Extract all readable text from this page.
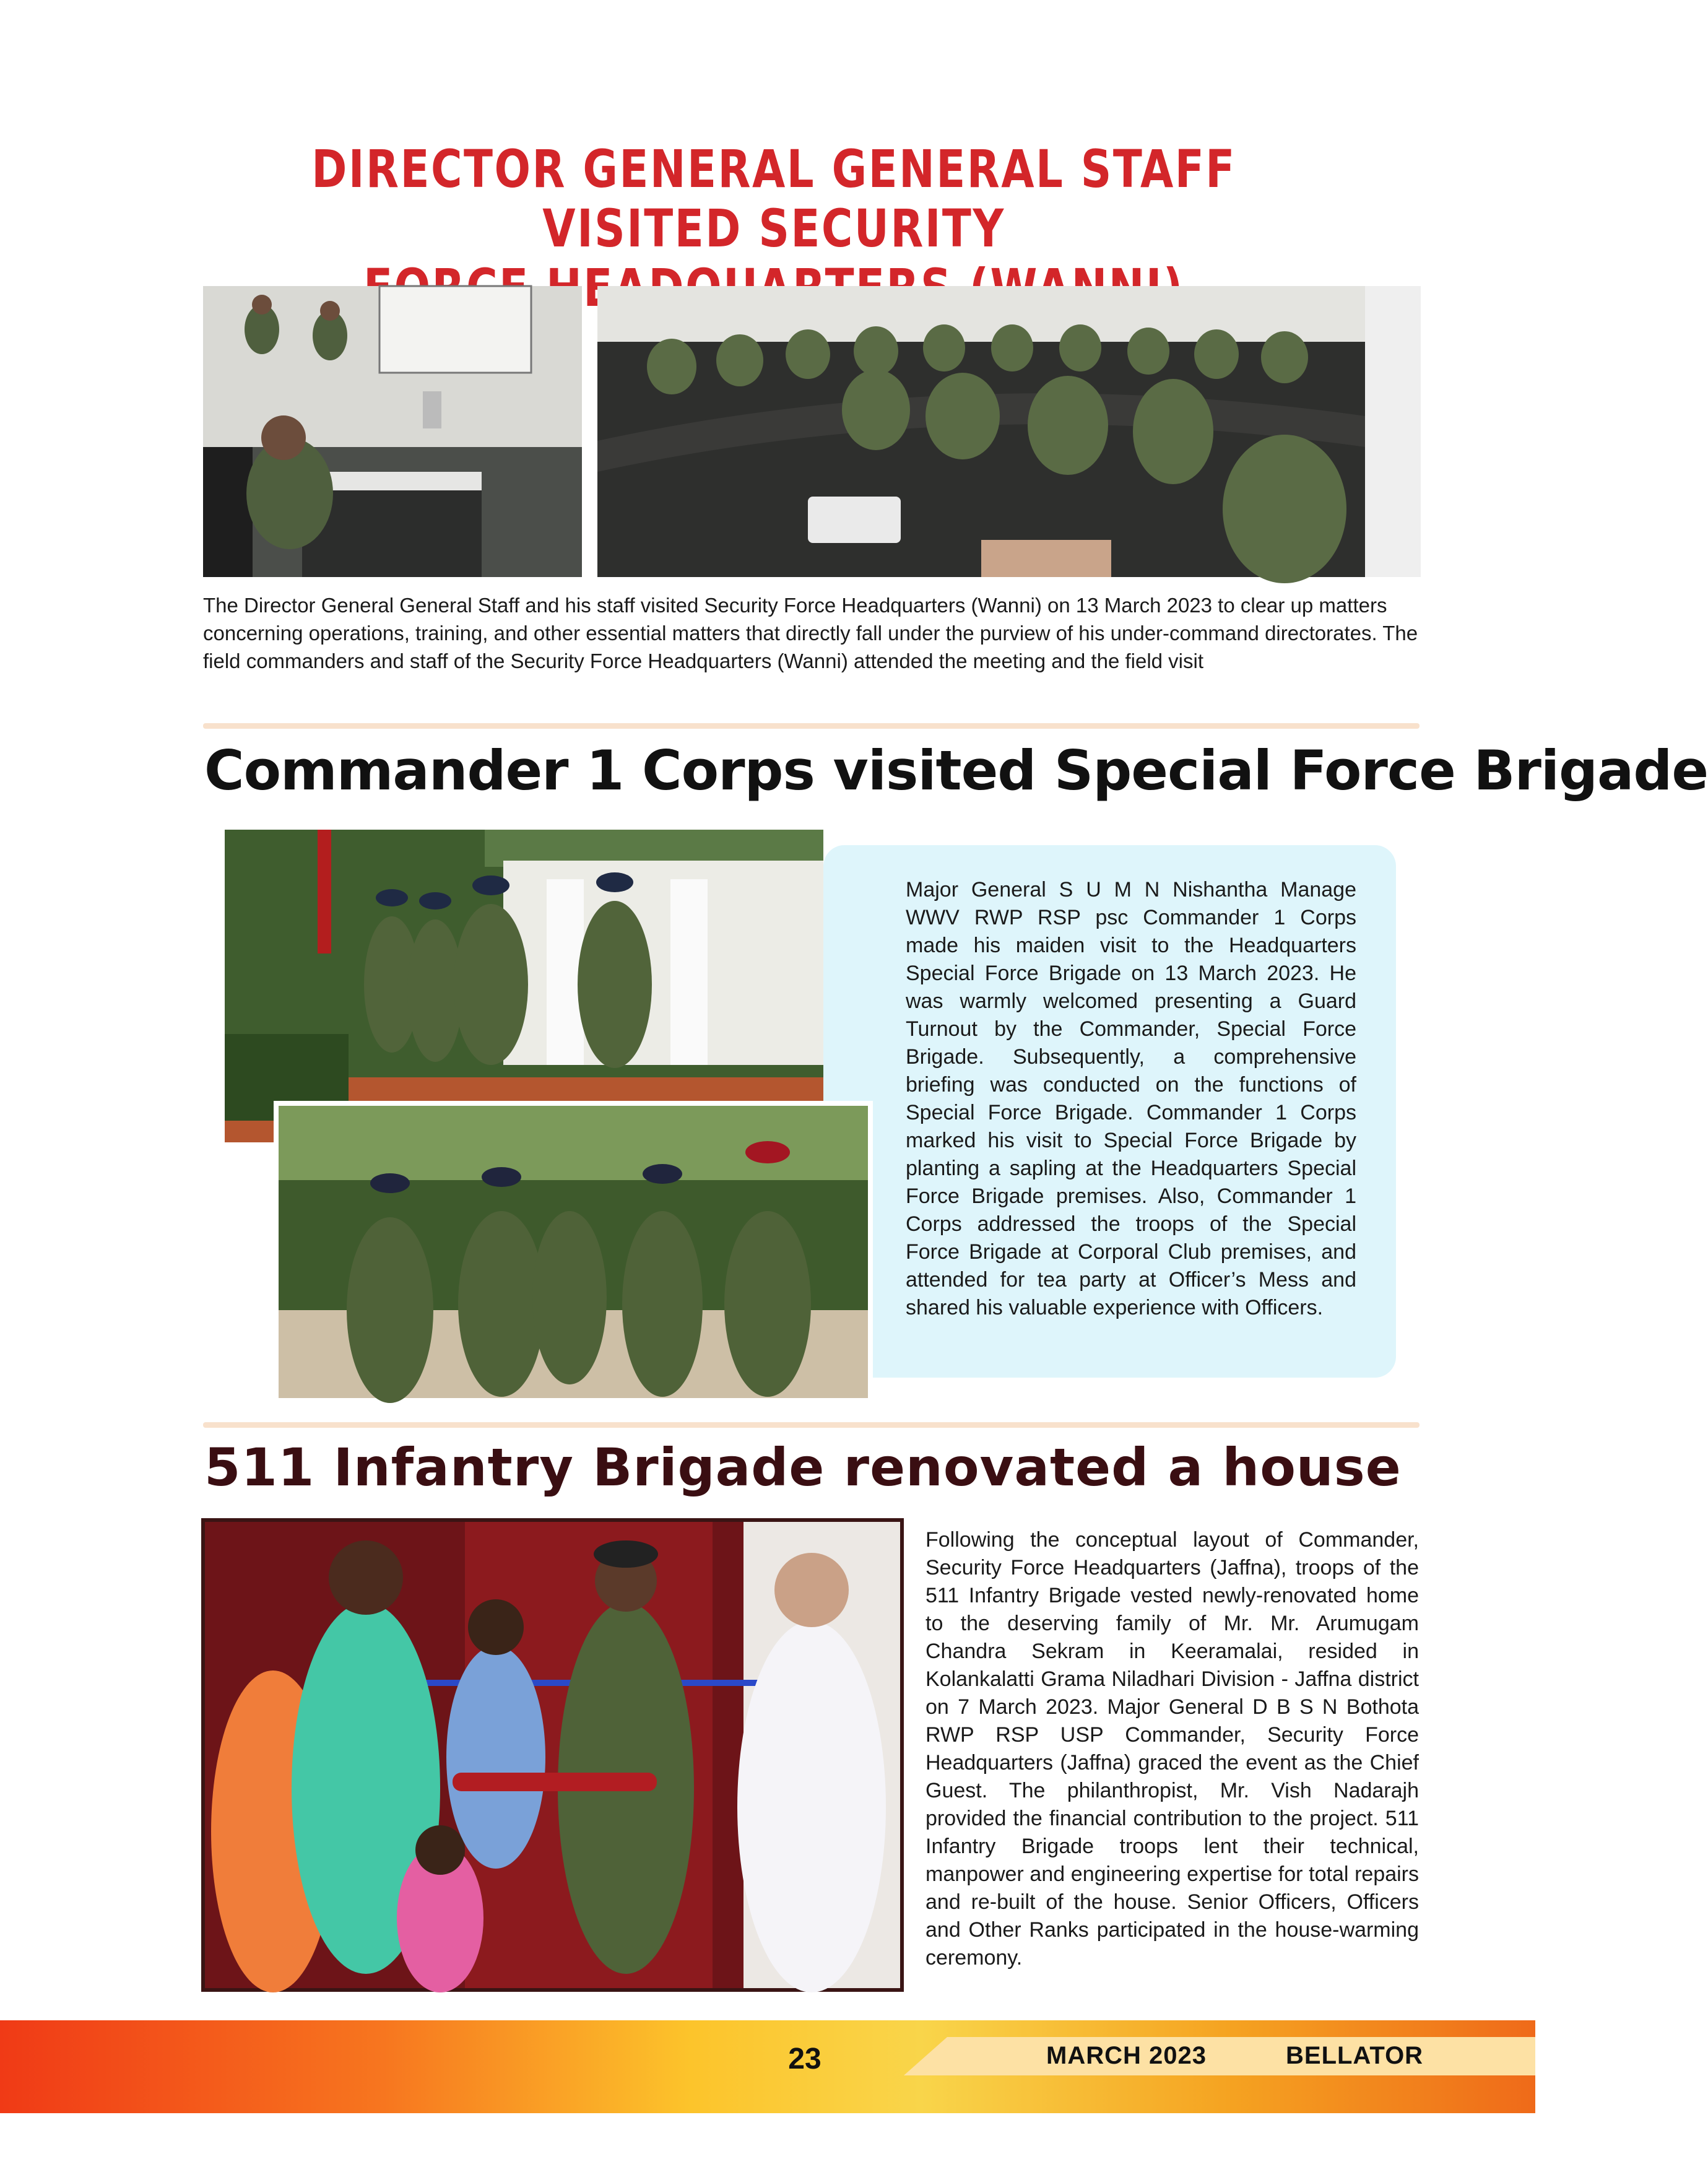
DIRECTOR GENERAL GENERAL STAFF VISITED SECURITY
The Director General General Staff and his staff visited Security Force Headquarters (Wanni) on 13 March 2023 to clear up matters concerning operations, training, and other essential matters that directly fall under the purview of his under-command directorates. The field commanders and staff of the Security Force Headquarters (Wanni) attended the meeting and the field visit
Commander 1 Corps visited Special Force Brigade
Major General S U M N Nishantha Manage WWV RWP RSP psc Commander 1 Corps made his maiden visit to the Headquarters Special Force Brigade on 13 March 2023. He was warmly welcomed presenting a Guard Turnout by the Commander, Special Force Brigade. Subsequently, a comprehensive briefing was conducted on the functions of Special Force Brigade. Commander 1 Corps marked his visit to Special Force Brigade by planting a sapling at the Headquarters Special Force Brigade premises. Also, Commander 1 Corps addressed the troops of the Special Force Brigade at Corporal Club premises, and attended for tea party at Officer’s Mess and shared his valuable experience with Officers.
511 Infantry Brigade renovated a house
Following the conceptual layout of Commander, Security Force Headquarters (Jaffna), troops of the 511 Infantry Brigade vested newly-renovated home to the deserving family of Mr. Mr. Arumugam Chandra Sekram in Keeramalai, resided in Kolankalatti Grama Niladhari Division - Jaffna district on 7 March 2023. Major General D B S N Bothota RWP RSP USP Commander, Security Force Headquarters (Jaffna) graced the event as the Chief Guest. The philanthropist, Mr. Vish Nadarajh provided the financial contribution to the project. 511 Infantry Brigade troops lent their technical, manpower and engineering expertise for total repairs and re-built of the house. Senior Officers, Officers and Other Ranks participated in the house-warming ceremony.
23	MARCH 2023	BELLATOR
